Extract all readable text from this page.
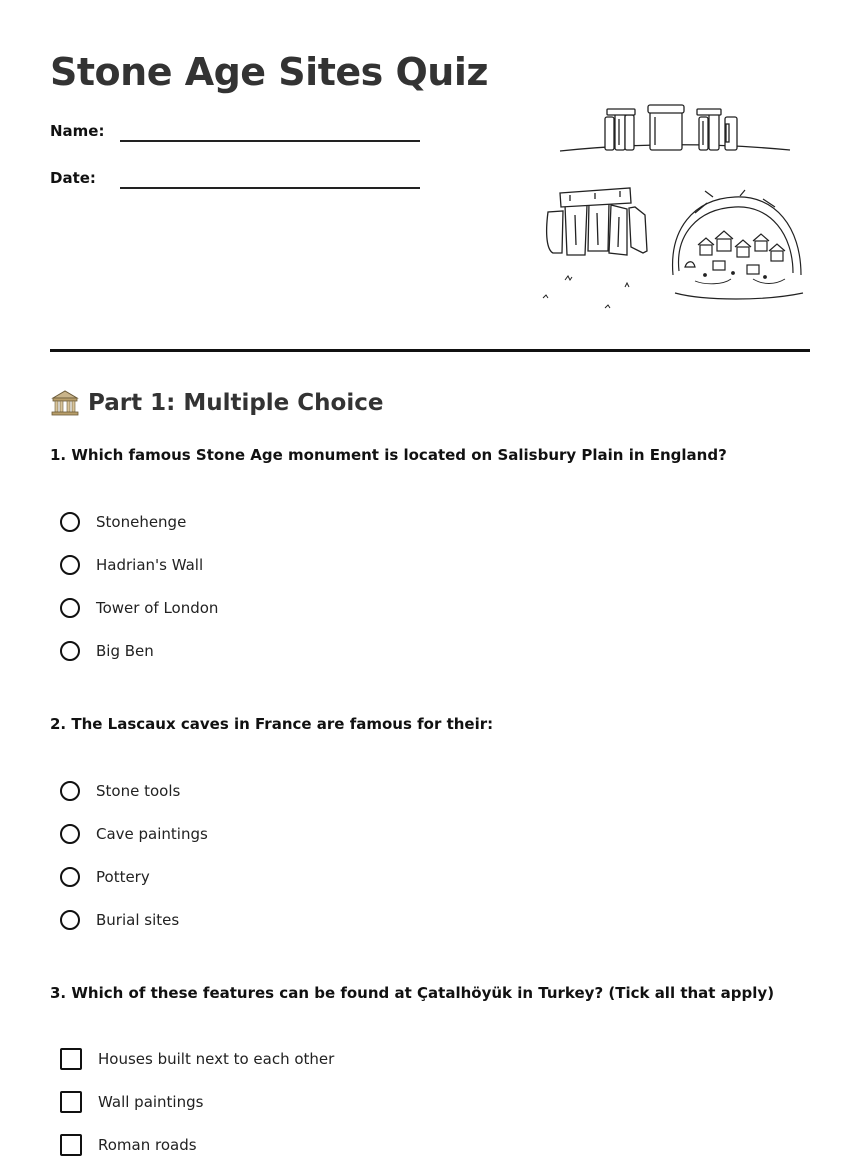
Stone Age Sites Quiz
Name:
Date:
Part 1: Multiple Choice

1. Which famous Stone Age monument is located on Salisbury Plain in England?

Stonehenge
Hadrian's Wall
Tower of London
Big Ben

2. The Lascaux caves in France are famous for their:

Stone tools
Cave paintings
Pottery
Burial sites

3. Which of these features can be found at Çatalhöyük in Turkey? (Tick all that apply)

Houses built next to each other
Wall paintings
Roman roads
